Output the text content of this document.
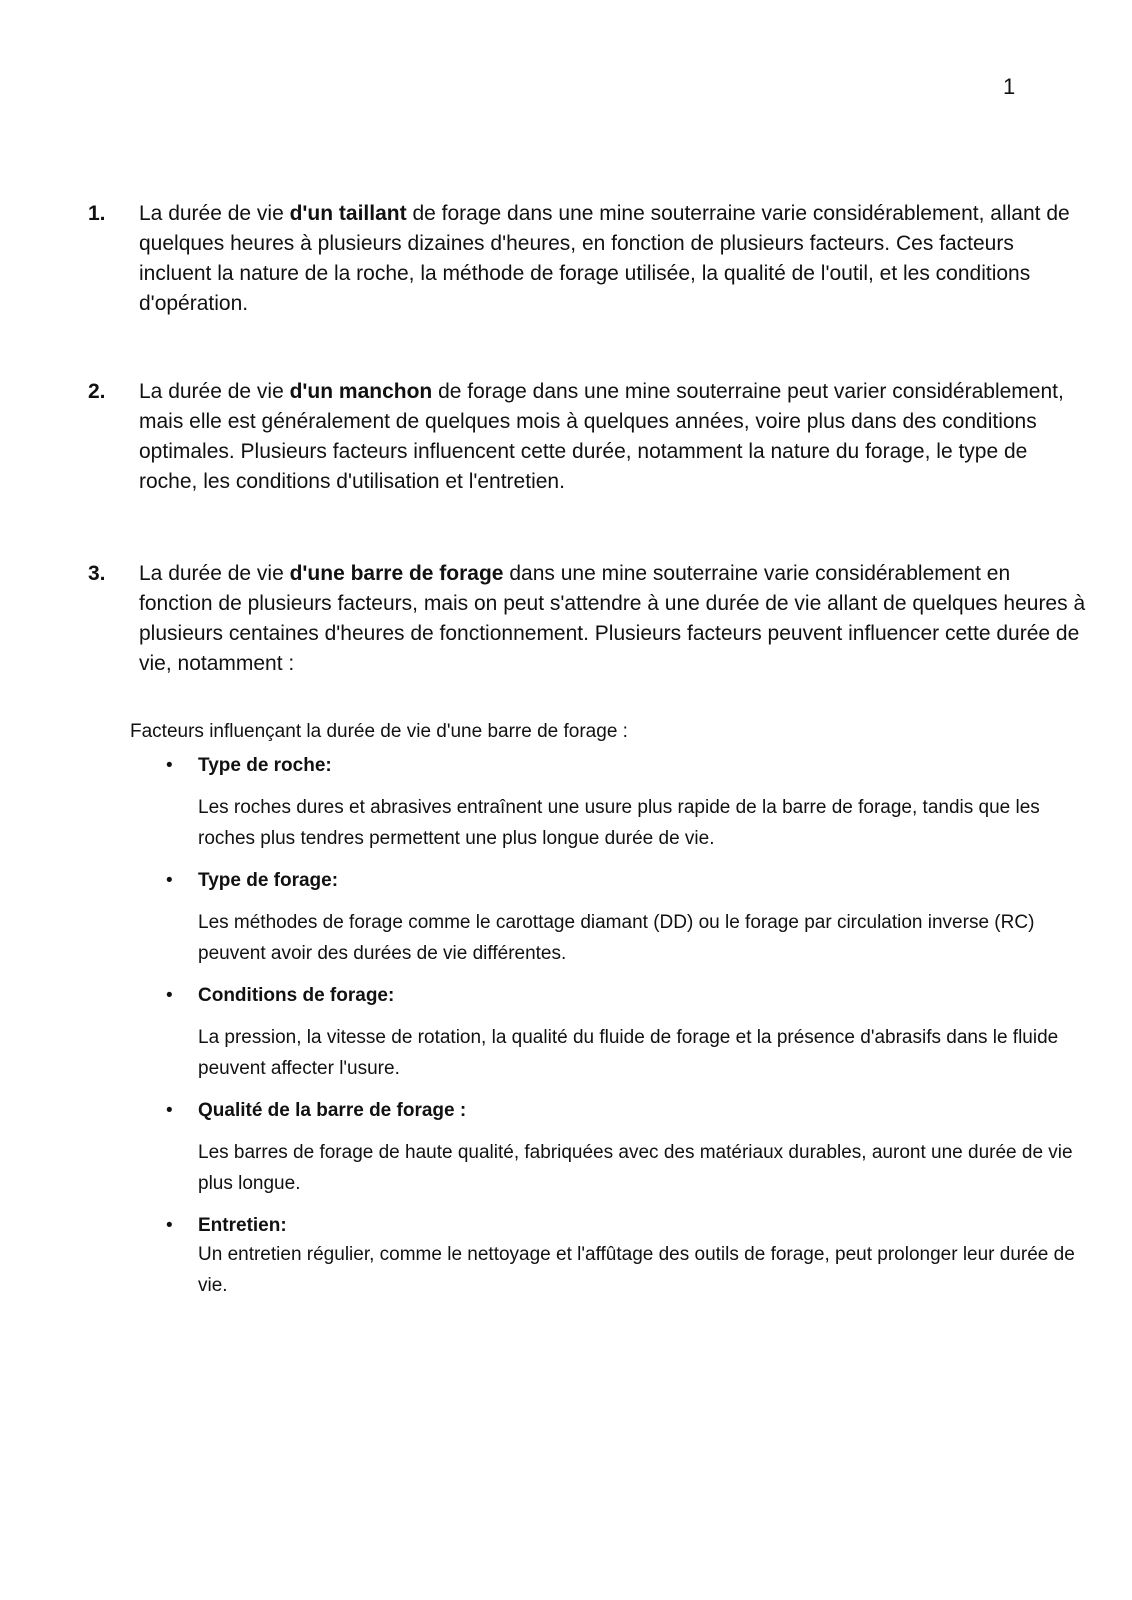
1
1. La durée de vie d'un taillant de forage dans une mine souterraine varie considérablement, allant de quelques heures à plusieurs dizaines d'heures, en fonction de plusieurs facteurs. Ces facteurs incluent la nature de la roche, la méthode de forage utilisée, la qualité de l'outil, et les conditions d'opération.
2. La durée de vie d'un manchon de forage dans une mine souterraine peut varier considérablement, mais elle est généralement de quelques mois à quelques années, voire plus dans des conditions optimales. Plusieurs facteurs influencent cette durée, notamment la nature du forage, le type de roche, les conditions d'utilisation et l'entretien.
3. La durée de vie d'une barre de forage dans une mine souterraine varie considérablement en fonction de plusieurs facteurs, mais on peut s'attendre à une durée de vie allant de quelques heures à plusieurs centaines d'heures de fonctionnement. Plusieurs facteurs peuvent influencer cette durée de vie, notamment :
Facteurs influençant la durée de vie d'une barre de forage :
• Type de roche:
Les roches dures et abrasives entraînent une usure plus rapide de la barre de forage, tandis que les roches plus tendres permettent une plus longue durée de vie.
• Type de forage:
Les méthodes de forage comme le carottage diamant (DD) ou le forage par circulation inverse (RC) peuvent avoir des durées de vie différentes.
• Conditions de forage:
La pression, la vitesse de rotation, la qualité du fluide de forage et la présence d'abrasifs dans le fluide peuvent affecter l'usure.
• Qualité de la barre de forage :
Les barres de forage de haute qualité, fabriquées avec des matériaux durables, auront une durée de vie plus longue.
• Entretien:
Un entretien régulier, comme le nettoyage et l'affûtage des outils de forage, peut prolonger leur durée de vie.
